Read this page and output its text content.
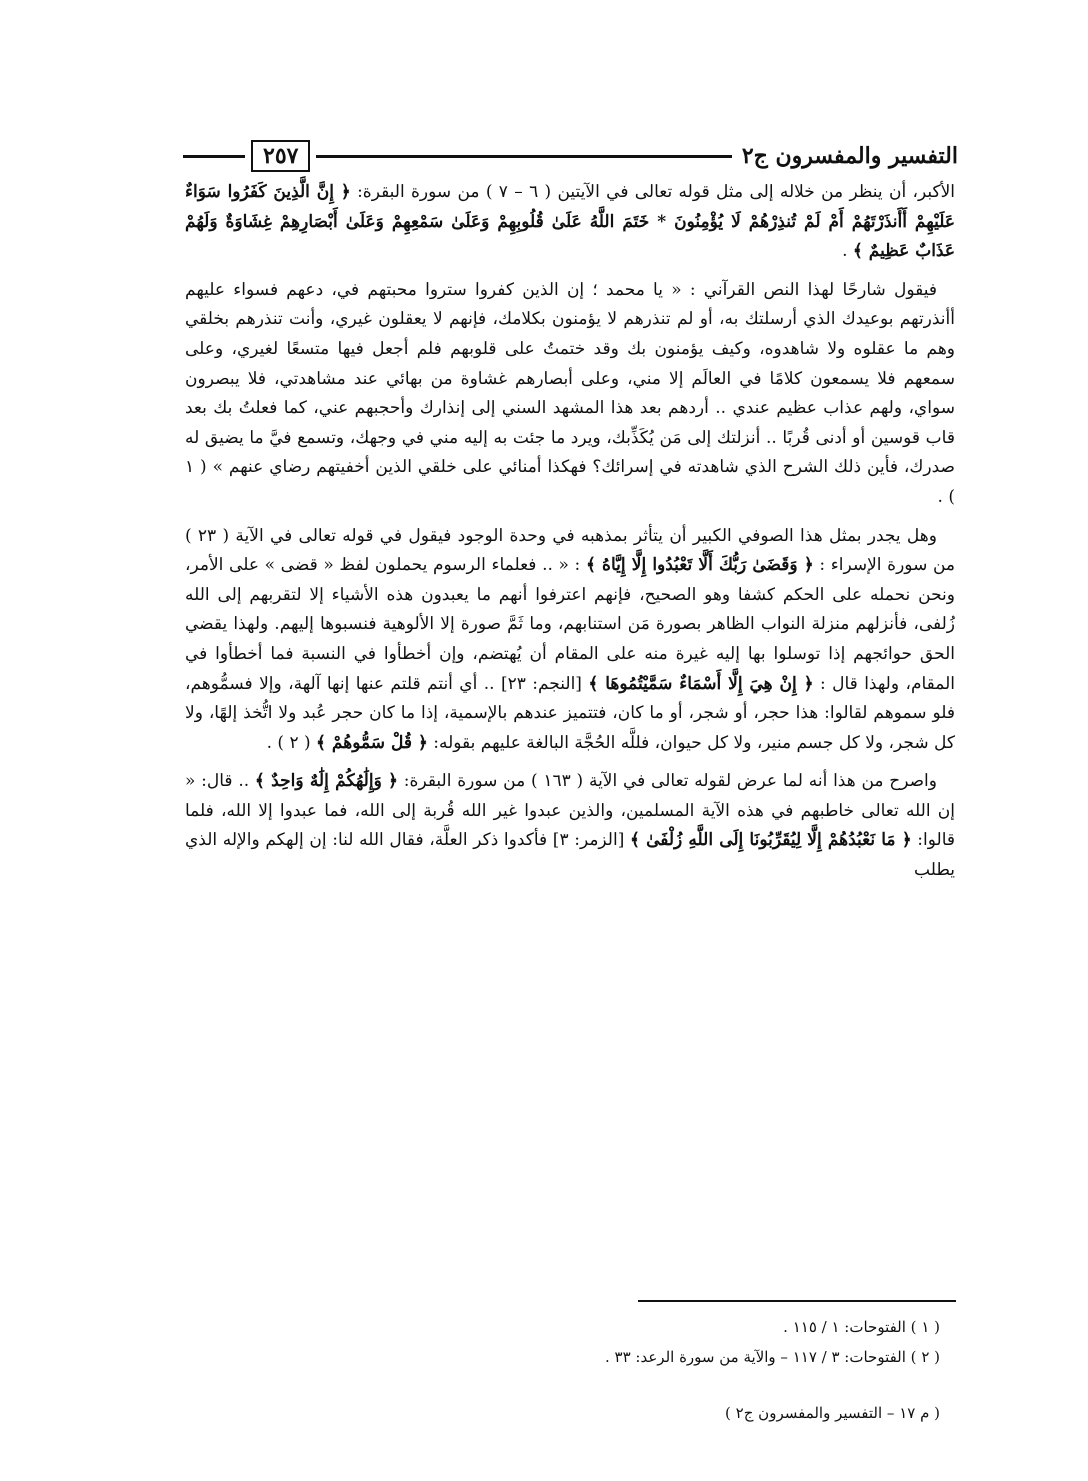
التفسير والمفسرون ج٢
٢٥٧

الأكبر، أن ينظر من خلاله إلى مثل قوله تعالى في الآيتين ( ٦ – ٧ ) من سورة البقرة: ﴿ إِنَّ الَّذِينَ كَفَرُوا سَوَاءٌ عَلَيْهِمْ أَأَنذَرْتَهُمْ أَمْ لَمْ تُنذِرْهُمْ لَا يُؤْمِنُونَ * خَتَمَ اللَّهُ عَلَىٰ قُلُوبِهِمْ وَعَلَىٰ سَمْعِهِمْ وَعَلَىٰ أَبْصَارِهِمْ غِشَاوَةٌ وَلَهُمْ عَذَابٌ عَظِيمٌ ﴾ .

فيقول شارحًا لهذا النص القرآني : « يا محمد ؛ إن الذين كفروا ستروا محبتهم في، دعهم فسواء عليهم أأنذرتهم بوعيدك الذي أرسلتك به، أو لم تنذرهم لا يؤمنون بكلامك، فإنهم لا يعقلون غيري، وأنت تنذرهم بخلقي وهم ما عقلوه ولا شاهدوه، وكيف يؤمنون بك وقد ختمتُ على قلوبهم فلم أجعل فيها متسعًا لغيري، وعلى سمعهم فلا يسمعون كلامًا في العالَم إلا مني، وعلى أبصارهم غشاوة من بهائي عند مشاهدتي، فلا يبصرون سواي، ولهم عذاب عظيم عندي .. أردهم بعد هذا المشهد السني إلى إنذارك وأحجبهم عني، كما فعلتُ بك بعد قاب قوسين أو أدنى قُربًا .. أنزلتك إلى مَن يُكَذِّبك، ويرد ما جئت به إليه مني في وجهك، وتسمع فيَّ ما يضيق له صدرك، فأين ذلك الشرح الذي شاهدته في إسرائك؟ فهكذا أمنائي على خلقي الذين أخفيتهم رضاي عنهم » ( ١ ) .

وهل يجدر بمثل هذا الصوفي الكبير أن يتأثر بمذهبه في وحدة الوجود فيقول في قوله تعالى في الآية ( ٢٣ ) من سورة الإسراء : ﴿ وَقَضَىٰ رَبُّكَ أَلَّا تَعْبُدُوا إِلَّا إِيَّاهُ ﴾ : « .. فعلماء الرسوم يحملون لفظ « قضى » على الأمر، ونحن نحمله على الحكم كشفا وهو الصحيح، فإنهم اعترفوا أنهم ما يعبدون هذه الأشياء إلا لتقربهم إلى الله زُلفى، فأنزلهم منزلة النواب الظاهر بصورة مَن استنابهم، وما ثَمَّ صورة إلا الألوهية فنسبوها إليهم. ولهذا يقضي الحق حوائجهم إذا توسلوا بها إليه غيرة منه على المقام أن يُهتضم، وإن أخطأوا في النسبة فما أخطأوا في المقام، ولهذا قال : ﴿ إِنْ هِيَ إِلَّا أَسْمَاءٌ سَمَّيْتُمُوهَا ﴾ [النجم: ٢٣] .. أي أنتم قلتم عنها إنها آلهة، وإلا فسمُّوهم، فلو سموهم لقالوا: هذا حجر، أو شجر، أو ما كان، فتتميز عندهم بالإسمية، إذا ما كان حجر عُبد ولا اتُّخذ إلهًا، ولا كل شجر، ولا كل جسم منير، ولا كل حيوان، فللَّه الحُجَّة البالغة عليهم بقوله: ﴿ قُلْ سَمُّوهُمْ ﴾ ( ٢ ) .

واصرح من هذا أنه لما عرض لقوله تعالى في الآية ( ١٦٣ ) من سورة البقرة: ﴿ وَإِلَٰهُكُمْ إِلَٰهٌ وَاحِدٌ ﴾ .. قال: « إن الله تعالى خاطبهم في هذه الآية المسلمين، والذين عبدوا غير الله قُربة إلى الله، فما عبدوا إلا الله، فلما قالوا: ﴿ مَا نَعْبُدُهُمْ إِلَّا لِيُقَرِّبُونَا إِلَى اللَّهِ زُلْفَىٰ ﴾ [الزمر: ٣] فأكدوا ذكر العلَّة، فقال الله لنا: إن إلهكم والإله الذي يطلب

( ١ ) الفتوحات: ١ / ١١٥ .
( ٢ ) الفتوحات: ٣ / ١١٧ – والآية من سورة الرعد: ٣٣ .
( م ١٧ – التفسير والمفسرون ج٢ )
